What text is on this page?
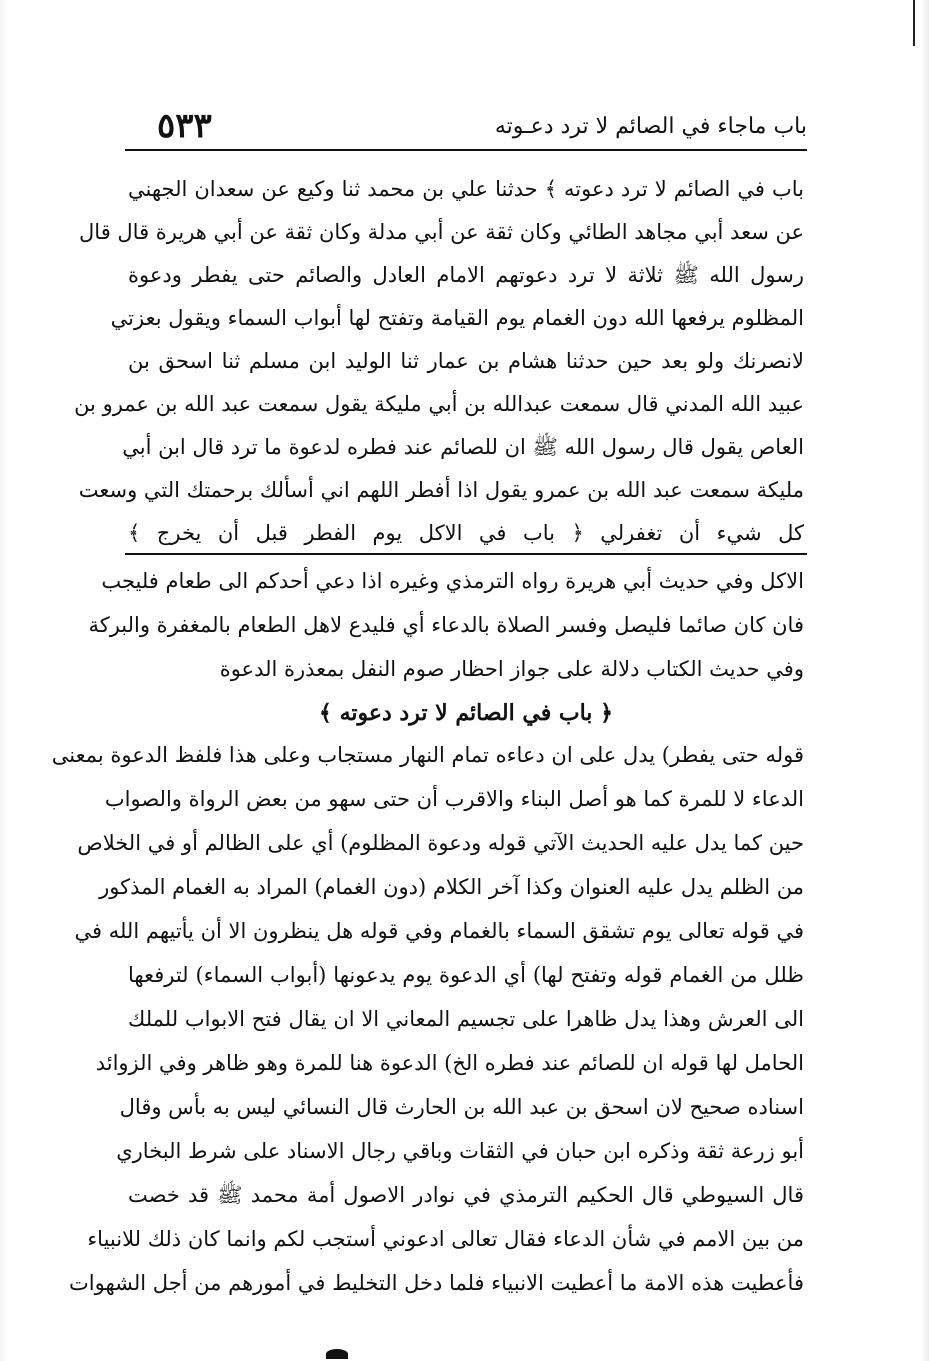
باب ماجاء في الصائم لا ترد دعـوته
٥٣٣
باب في الصائم لا ترد دعوته ﴾ حدثنا علي بن محمد ثنا وكيع عن سعدان الجهني
عن سعد أبي مجاهد الطائي وكان ثقة عن أبي مدلة وكان ثقة عن أبي هريرة قال قال
رسول الله ﷺ ثلاثة لا ترد دعوتهم الامام العادل والصائم حتى يفطر ودعوة
المظلوم يرفعها الله دون الغمام يوم القيامة وتفتح لها أبواب السماء ويقول بعزتي
لانصرنك ولو بعد حين حدثنا هشام بن عمار ثنا الوليد ابن مسلم ثنا اسحق بن
عبيد الله المدني قال سمعت عبدالله بن أبي مليكة يقول سمعت عبد الله بن عمرو بن
العاص يقول قال رسول الله ﷺ ان للصائم عند فطره لدعوة ما ترد قال ابن أبي
مليكة سمعت عبد الله بن عمرو يقول اذا أفطر اللهم اني أسألك برحمتك التي وسعت
كل شيء أن تغفرلي ﴿ باب في الاكل يوم الفطر قبل أن يخرج ﴾
الاكل وفي حديث أبي هريرة رواه الترمذي وغيره اذا دعي أحدكم الى طعام فليجب
فان كان صائما فليصل وفسر الصلاة بالدعاء أي فليدع لاهل الطعام بالمغفرة والبركة
وفي حديث الكتاب دلالة على جواز احظار صوم النفل بمعذرة الدعوة
﴿ باب في الصائم لا ترد دعوته ﴾
قوله حتى يفطر) يدل على ان دعاءه تمام النهار مستجاب وعلى هذا فلفظ الدعوة بمعنى
الدعاء لا للمرة كما هو أصل البناء والاقرب أن حتى سهو من بعض الرواة والصواب
حين كما يدل عليه الحديث الآتي قوله ودعوة المظلوم) أي على الظالم أو في الخلاص
من الظلم يدل عليه العنوان وكذا آخر الكلام (دون الغمام) المراد به الغمام المذكور
في قوله تعالى يوم تشقق السماء بالغمام وفي قوله هل ينظرون الا أن يأتيهم الله في
ظلل من الغمام قوله وتفتح لها) أي الدعوة يوم يدعونها (أبواب السماء) لترفعها
الى العرش وهذا يدل ظاهرا على تجسيم المعاني الا ان يقال فتح الابواب للملك
الحامل لها قوله ان للصائم عند فطره الخ) الدعوة هنا للمرة وهو ظاهر وفي الزوائد
اسناده صحيح لان اسحق بن عبد الله بن الحارث قال النسائي ليس به بأس وقال
أبو زرعة ثقة وذكره ابن حبان في الثقات وباقي رجال الاسناد على شرط البخاري
قال السيوطي قال الحكيم الترمذي في نوادر الاصول أمة محمد ﷺ قد خصت
من بين الامم في شأن الدعاء فقال تعالى ادعوني أستجب لكم وانما كان ذلك للانبياء
فأعطيت هذه الامة ما أعطيت الانبياء فلما دخل التخليط في أمورهم من أجل الشهوات
